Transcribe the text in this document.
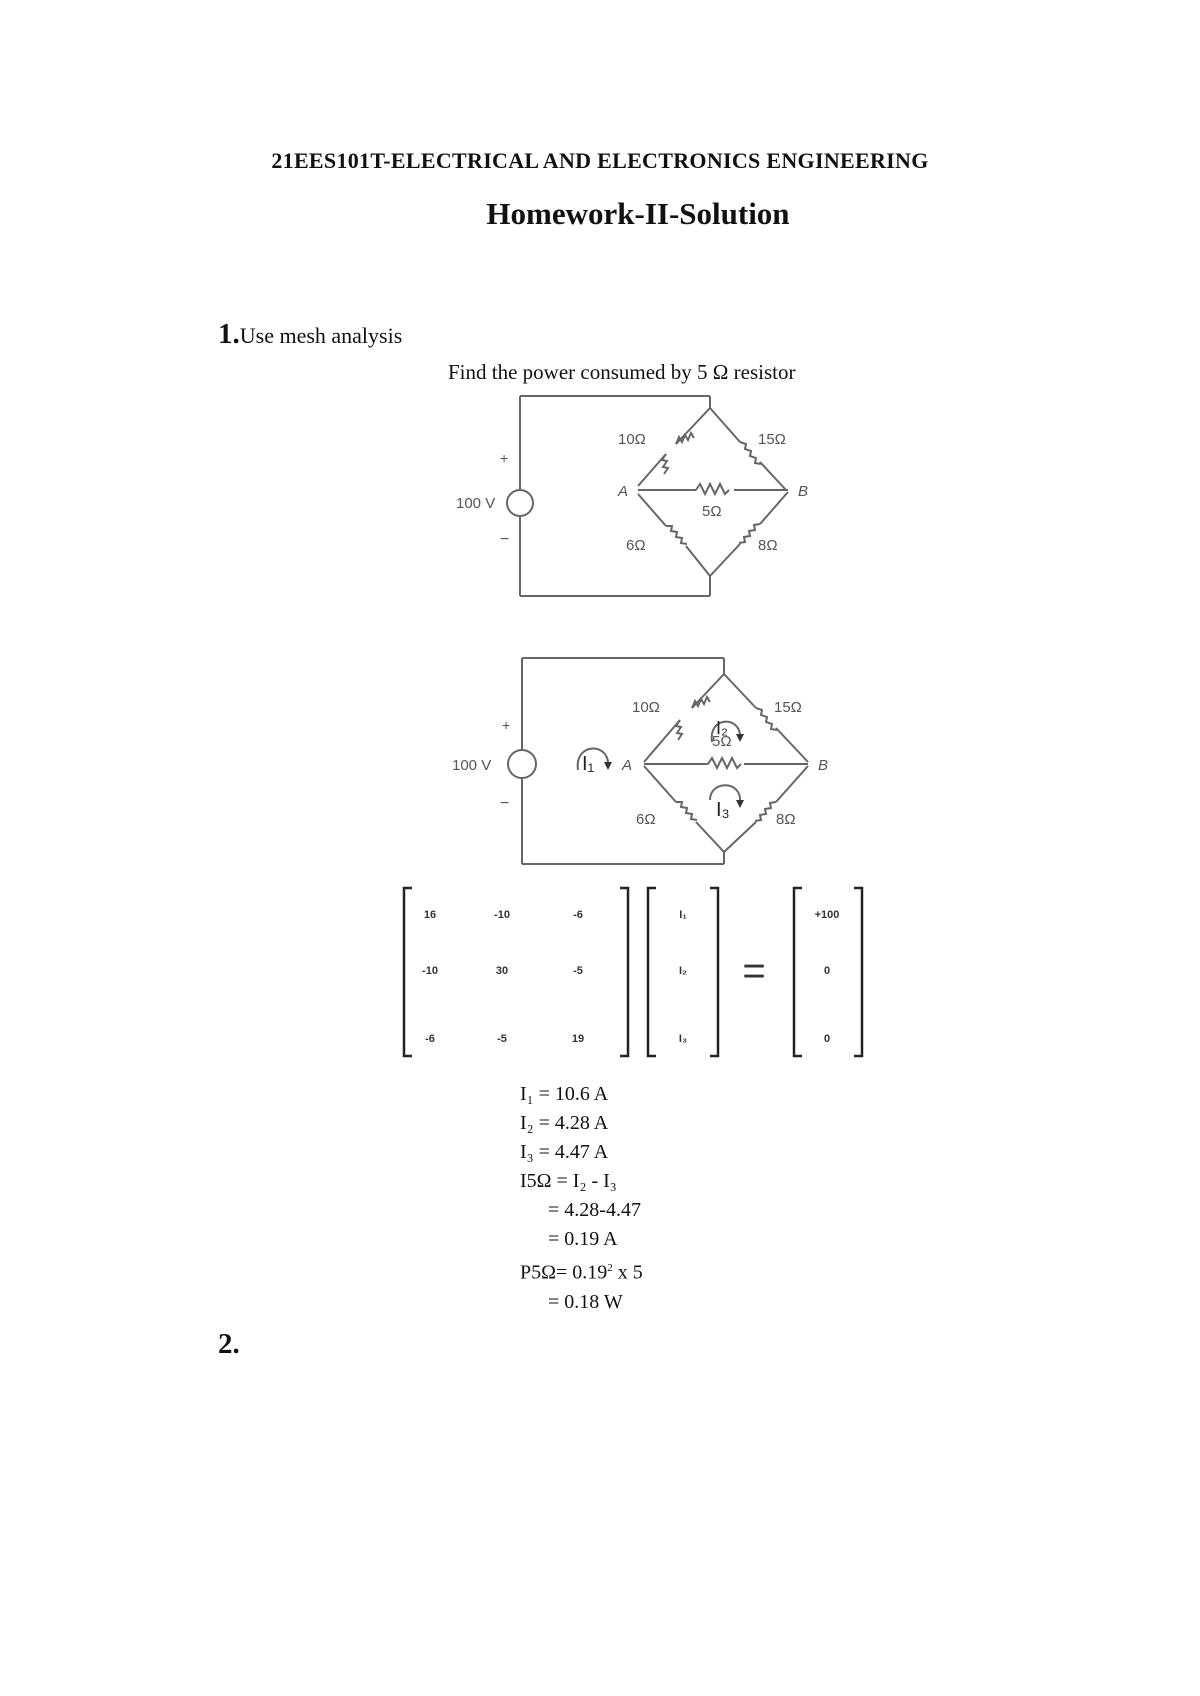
21EES101T-ELECTRICAL AND ELECTRONICS ENGINEERING
Homework-II-Solution
1.Use mesh analysis
Find the power consumed by 5 Ω resistor
+
−
100 V
10Ω	15Ω
5Ω
6Ω	8Ω
A	B
+
−
100 V
10Ω	15Ω
5Ω
6Ω	8Ω
A	B
I₁
I₂
I₃
16	-10	-6
-10	30	-5
-6	-5	19
I₁
I₂
I₃
+100
0
0
=
I₁ = 10.6 A
I₂ = 4.28 A
I₃ = 4.47 A
I5Ω = I₂ - I₃
= 4.28-4.47
= 0.19 A
$P5\Omega= 0.19^2$ x 5
= 0.18 W
2.
